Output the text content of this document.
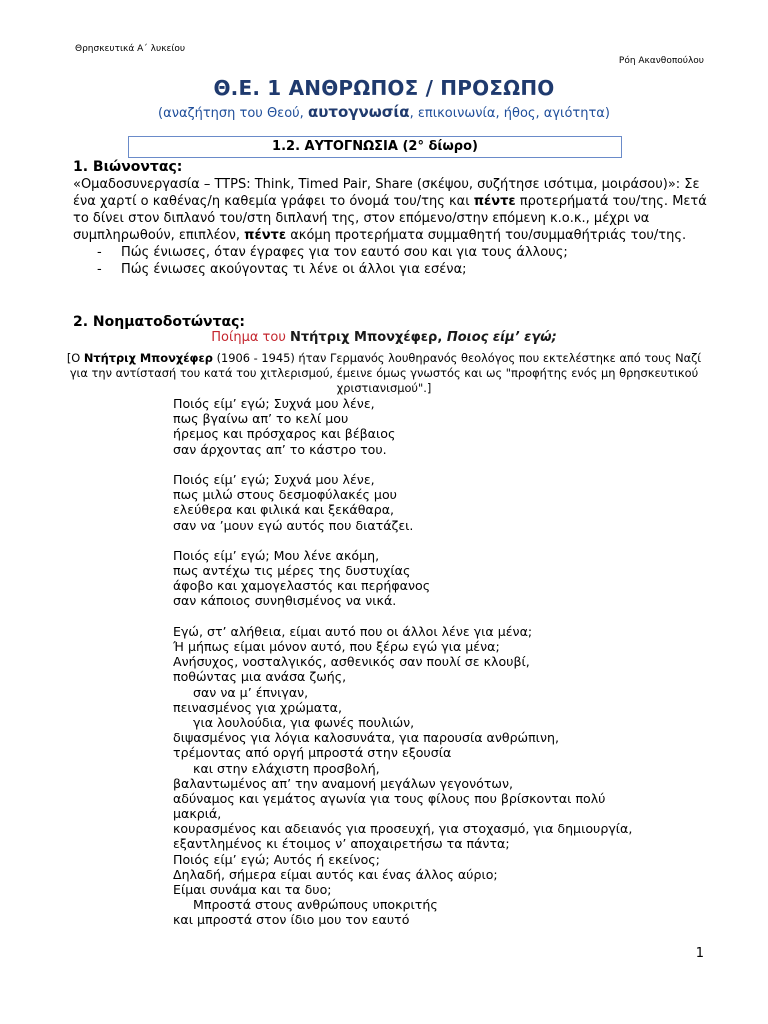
Θρησκευτικά Α΄ λυκείου
Ρόη Ακανθοπούλου
Θ.Ε. 1 ΑΝΘΡΩΠΟΣ / ΠΡΟΣΩΠΟ
(αναζήτηση του Θεού, αυτογνωσία, επικοινωνία, ήθος, αγιότητα)
1.2. ΑΥΤΟΓΝΩΣΙΑ (2° δίωρο)
1. Βιώνοντας:
«Ομαδοσυνεργασία – TTPS: Think, Timed Pair, Share (σκέψου, συζήτησε ισότιμα, μοιράσου)»: Σε ένα χαρτί ο καθένας/η καθεμία γράφει το όνομά του/της και πέντε προτερήματά του/της. Μετά το δίνει στον διπλανό του/στη διπλανή της, στον επόμενο/στην επόμενη κ.ο.κ., μέχρι να συμπληρωθούν, επιπλέον, πέντε ακόμη προτερήματα συμμαθητή του/συμμαθήτριάς του/της.
-	Πώς ένιωσες, όταν έγραφες για τον εαυτό σου και για τους άλλους;
-	Πώς ένιωσες ακούγοντας τι λένε οι άλλοι για εσένα;
2. Νοηματοδοτώντας:
Ποίημα του Ντήτριχ Μπονχέφερ, Ποιος είμ’ εγώ;
[Ο Ντήτριχ Μπονχέφερ (1906 - 1945) ήταν Γερμανός λουθηρανός θεολόγος που εκτελέστηκε από τους Ναζί για την αντίστασή του κατά του χιτλερισμού, έμεινε όμως γνωστός και ως "προφήτης ενός μη θρησκευτικού χριστιανισμού".]
Ποιός είμ’ εγώ; Συχνά μου λένε,
πως βγαίνω απ’ το κελί μου
ήρεμος και πρόσχαρος και βέβαιος
σαν άρχοντας απ’ το κάστρο του.
Ποιός είμ’ εγώ; Συχνά μου λένε,
πως μιλώ στους δεσμοφύλακές μου
ελεύθερα και φιλικά και ξεκάθαρα,
σαν να ’μουν εγώ αυτός που διατάζει.
Ποιός είμ’ εγώ; Μου λένε ακόμη,
πως αντέχω τις μέρες της δυστυχίας
άφοβο και χαμογελαστός και περήφανος
σαν κάποιος συνηθισμένος να νικά.
Εγώ, στ’ αλήθεια, είμαι αυτό που οι άλλοι λένε για μένα;
Ή μήπως είμαι μόνον αυτό, που ξέρω εγώ για μένα;
Ανήσυχος, νοσταλγικός, ασθενικός σαν πουλί σε κλουβί,
ποθώντας μια ανάσα ζωής,
σαν να μ’ έπνιγαν,
πεινασμένος για χρώματα,
για λουλούδια, για φωνές πουλιών,
διψασμένος για λόγια καλοσυνάτα, για παρουσία ανθρώπινη,
τρέμοντας από οργή μπροστά στην εξουσία
και στην ελάχιστη προσβολή,
βαλαντωμένος απ’ την αναμονή μεγάλων γεγονότων,
αδύναμος και γεμάτος αγωνία για τους φίλους που βρίσκονται πολύ
μακριά,
κουρασμένος και αδειανός για προσευχή, για στοχασμό, για δημιουργία,
εξαντλημένος κι έτοιμος ν’ αποχαιρετήσω τα πάντα;
Ποιός είμ’ εγώ; Αυτός ή εκείνος;
Δηλαδή, σήμερα είμαι αυτός και ένας άλλος αύριο;
Είμαι συνάμα και τα δυο;
Μπροστά στους ανθρώπους υποκριτής
και μπροστά στον ίδιο μου τον εαυτό
1
